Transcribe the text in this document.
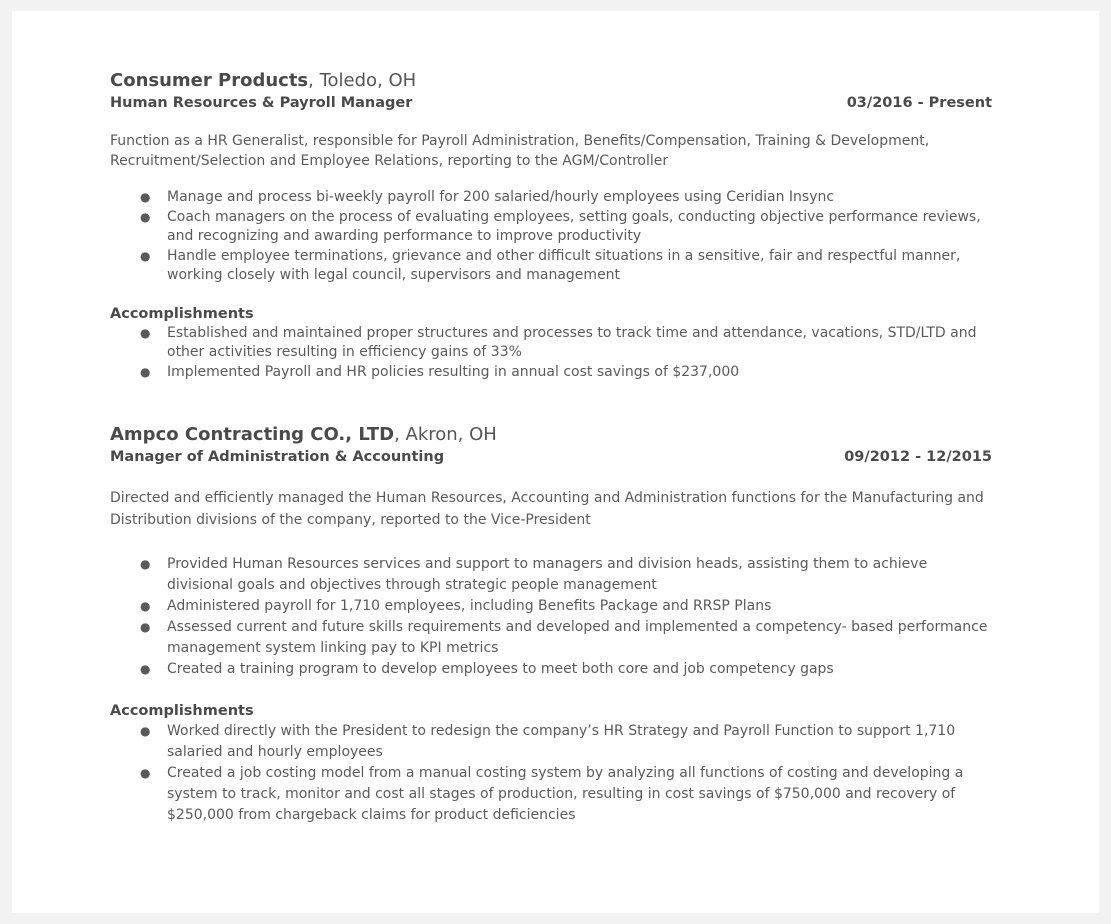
Consumer Products, Toledo, OH
Human Resources & Payroll Manager	03/2016 - Present
Function as a HR Generalist, responsible for Payroll Administration, Benefits/Compensation, Training & Development, Recruitment/Selection and Employee Relations, reporting to the AGM/Controller
● Manage and process bi-weekly payroll for 200 salaried/hourly employees using Ceridian Insync
● Coach managers on the process of evaluating employees, setting goals, conducting objective performance reviews, and recognizing and awarding performance to improve productivity
● Handle employee terminations, grievance and other difficult situations in a sensitive, fair and respectful manner, working closely with legal council, supervisors and management
Accomplishments
● Established and maintained proper structures and processes to track time and attendance, vacations, STD/LTD and other activities resulting in efficiency gains of 33%
● Implemented Payroll and HR policies resulting in annual cost savings of $237,000
Ampco Contracting CO., LTD, Akron, OH
Manager of Administration & Accounting	09/2012 - 12/2015
Directed and efficiently managed the Human Resources, Accounting and Administration functions for the Manufacturing and Distribution divisions of the company, reported to the Vice-President
● Provided Human Resources services and support to managers and division heads, assisting them to achieve divisional goals and objectives through strategic people management
● Administered payroll for 1,710 employees, including Benefits Package and RRSP Plans
● Assessed current and future skills requirements and developed and implemented a competency- based performance management system linking pay to KPI metrics
● Created a training program to develop employees to meet both core and job competency gaps
Accomplishments
● Worked directly with the President to redesign the company’s HR Strategy and Payroll Function to support 1,710 salaried and hourly employees
● Created a job costing model from a manual costing system by analyzing all functions of costing and developing a system to track, monitor and cost all stages of production, resulting in cost savings of $750,000 and recovery of $250,000 from chargeback claims for product deficiencies
